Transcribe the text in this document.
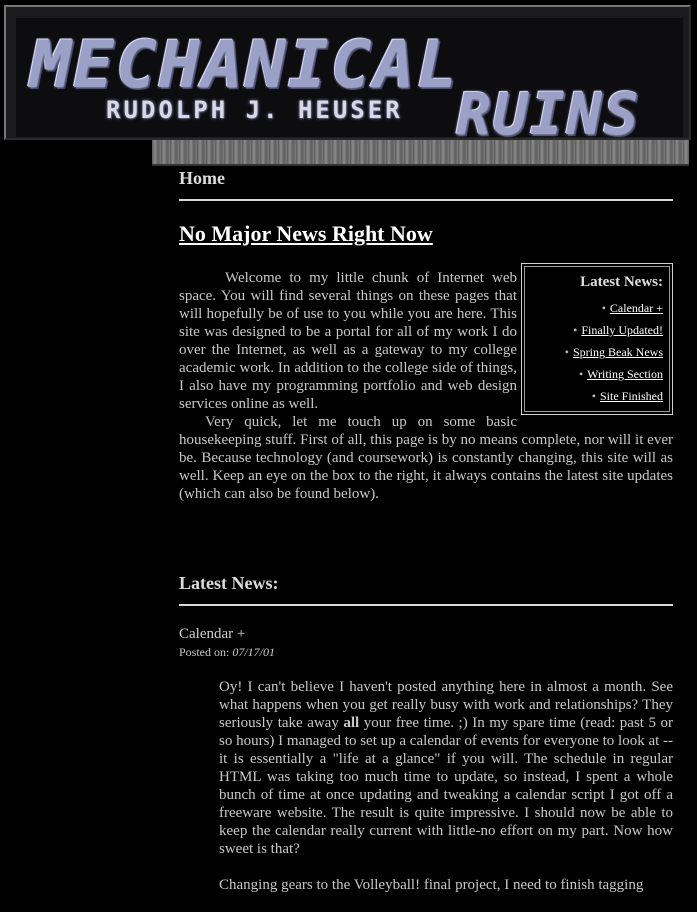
MECHANICAL
RUDOLPH J. HEUSER RUINS
Home
No Major News Right Now
Latest News:
• Calendar +
• Finally Updated!
• Spring Beak News
• Writing Section
• Site Finished

Welcome to my little chunk of Internet web space. You will find several things on these pages that will hopefully be of use to you while you are here. This site was designed to be a portal for all of my work I do over the Internet, as well as a gateway to my college academic work. In addition to the college side of things, I also have my programming portfolio and web design services online as well.

Very quick, let me touch up on some basic housekeeping stuff. First of all, this page is by no means complete, nor will it ever be. Because technology (and coursework) is constantly changing, this site will as well. Keep an eye on the box to the right, it always contains the latest site updates (which can also be found below).

Latest News:
Calendar +
Posted on: 07/17/01

Oy! I can't believe I haven't posted anything here in almost a month. See what happens when you get really busy with work and relationships? They seriously take away all your free time. ;) In my spare time (read: past 5 or so hours) I managed to set up a calendar of events for everyone to look at -- it is essentially a "life at a glance" if you will. The schedule in regular HTML was taking too much time to update, so instead, I spent a whole bunch of time at once updating and tweaking a calendar script I got off a freeware website. The result is quite impressive. I should now be able to keep the calendar really current with little-no effort on my part. Now how sweet is that?

Changing gears to the Volleyball! final project, I need to finish tagging
